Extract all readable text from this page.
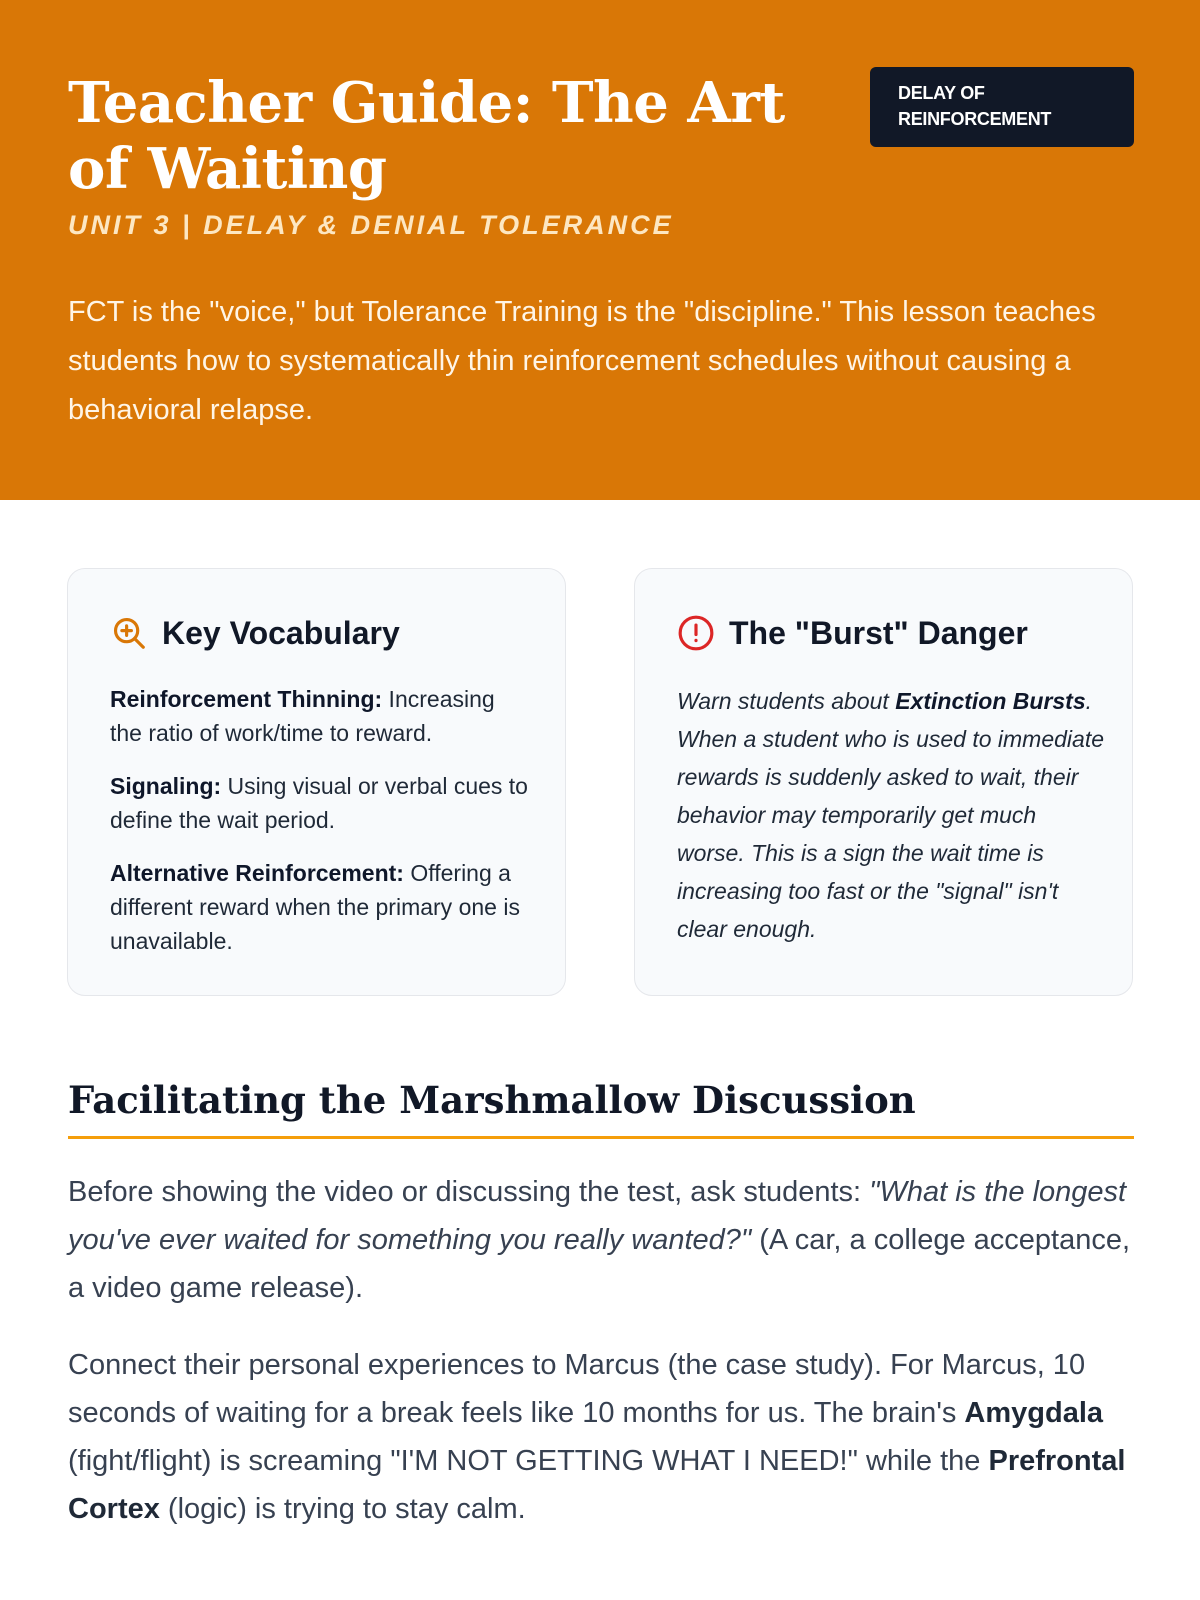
Teacher Guide: The Art of Waiting
DELAY OF REINFORCEMENT
UNIT 3 | DELAY & DENIAL TOLERANCE

FCT is the "voice," but Tolerance Training is the "discipline." This lesson teaches students how to systematically thin reinforcement schedules without causing a behavioral relapse.

Key Vocabulary

Reinforcement Thinning: Increasing the ratio of work/time to reward.

Signaling: Using visual or verbal cues to define the wait period.

Alternative Reinforcement: Offering a different reward when the primary one is unavailable.

The "Burst" Danger

Warn students about Extinction Bursts. When a student who is used to immediate rewards is suddenly asked to wait, their behavior may temporarily get much worse. This is a sign the wait time is increasing too fast or the "signal" isn't clear enough.

Facilitating the Marshmallow Discussion

Before showing the video or discussing the test, ask students: "What is the longest you've ever waited for something you really wanted?" (A car, a college acceptance, a video game release).

Connect their personal experiences to Marcus (the case study). For Marcus, 10 seconds of waiting for a break feels like 10 months for us. The brain's Amygdala (fight/flight) is screaming "I'M NOT GETTING WHAT I NEED!" while the Prefrontal Cortex (logic) is trying to stay calm.
